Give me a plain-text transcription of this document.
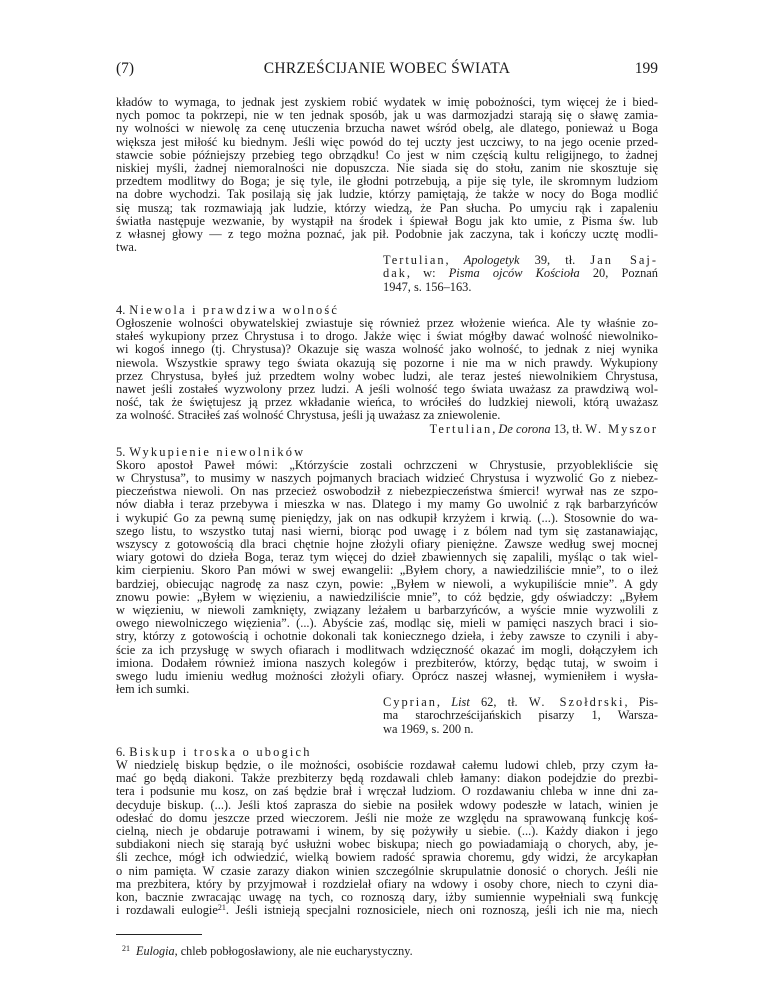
(7)	CHRZEŚCIJANIE WOBEC ŚWIATA	199
kładów to wymaga, to jednak jest zyskiem robić wydatek w imię pobożności, tym więcej że i bied-
nych pomoc ta pokrzepi, nie w ten jednak sposób, jak u was darmozjadzi starają się o sławę zamia-
ny wolności w niewolę za cenę utuczenia brzucha nawet wśród obelg, ale dlatego, ponieważ u Boga
większa jest miłość ku biednym. Jeśli więc powód do tej uczty jest uczciwy, to na jego ocenie przed-
stawcie sobie późniejszy przebieg tego obrządku! Co jest w nim częścią kultu religijnego, to żadnej
niskiej myśli, żadnej niemoralności nie dopuszcza. Nie siada się do stołu, zanim nie skosztuje się
przedtem modlitwy do Boga; je się tyle, ile głodni potrzebują, a pije się tyle, ile skromnym ludziom
na dobre wychodzi. Tak posilają się jak ludzie, którzy pamiętają, że także w nocy do Boga modlić
się muszą; tak rozmawiają jak ludzie, którzy wiedzą, że Pan słucha. Po umyciu rąk i zapaleniu
światła następuje wezwanie, by wystąpił na środek i śpiewał Bogu jak kto umie, z Pisma św. lub
z własnej głowy — z tego można poznać, jak pił. Podobnie jak zaczyna, tak i kończy ucztę modli-
twa.
Tertulian, Apologetyk 39, tł. Jan Saj-
dak, w: Pisma ojców Kościoła 20, Poznań
1947, s. 156–163.
4. Niewola i prawdziwa wolność
Ogłoszenie wolności obywatelskiej zwiastuje się również przez włożenie wieńca. Ale ty właśnie zo-
stałeś wykupiony przez Chrystusa i to drogo. Jakże więc i świat mógłby dawać wolność niewolniko-
wi kogoś innego (tj. Chrystusa)? Okazuje się wasza wolność jako wolność, to jednak z niej wynika
niewola. Wszystkie sprawy tego świata okazują się pozorne i nie ma w nich prawdy. Wykupiony
przez Chrystusa, byłeś już przedtem wolny wobec ludzi, ale teraz jesteś niewolnikiem Chrystusa,
nawet jeśli zostałeś wyzwolony przez ludzi. A jeśli wolność tego świata uważasz za prawdziwą wol-
ność, tak że świętujesz ją przez wkładanie wieńca, to wróciłeś do ludzkiej niewoli, którą uważasz
za wolność. Straciłeś zaś wolność Chrystusa, jeśli ją uważasz za zniewolenie.
Tertulian, De corona 13, tł. W. Myszor
5. Wykupienie niewolników
Skoro apostoł Paweł mówi: „Którzyście zostali ochrzczeni w Chrystusie, przyoblekliście się
w Chrystusa”, to musimy w naszych pojmanych braciach widzieć Chrystusa i wyzwolić Go z niebez-
pieczeństwa niewoli. On nas przecież oswobodził z niebezpieczeństwa śmierci! wyrwał nas ze szpo-
nów diabła i teraz przebywa i mieszka w nas. Dlatego i my mamy Go uwolnić z rąk barbarzyńców
i wykupić Go za pewną sumę pieniędzy, jak on nas odkupił krzyżem i krwią. (...). Stosownie do wa-
szego listu, to wszystko tutaj nasi wierni, biorąc pod uwagę i z bólem nad tym się zastanawiając,
wszyscy z gotowością dla braci chętnie hojne złożyli ofiary pieniężne. Zawsze według swej mocnej
wiary gotowi do dzieła Boga, teraz tym więcej do dzieł zbawiennych się zapalili, myśląc o tak wiel-
kim cierpieniu. Skoro Pan mówi w swej ewangelii: „Byłem chory, a nawiedziliście mnie”, to o ileż
bardziej, obiecując nagrodę za nasz czyn, powie: „Byłem w niewoli, a wykupiliście mnie”. A gdy
znowu powie: „Byłem w więzieniu, a nawiedziliście mnie”, to cóż będzie, gdy oświadczy: „Byłem
w więzieniu, w niewoli zamknięty, związany leżałem u barbarzyńców, a wyście mnie wyzwolili z
owego niewolniczego więzienia”. (...). Abyście zaś, modląc się, mieli w pamięci naszych braci i sio-
stry, którzy z gotowością i ochotnie dokonali tak koniecznego dzieła, i żeby zawsze to czynili i aby-
ście za ich przysługę w swych ofiarach i modlitwach wdzięczność okazać im mogli, dołączyłem ich
imiona. Dodałem również imiona naszych kolegów i prezbiterów, którzy, będąc tutaj, w swoim i
swego ludu imieniu według możności złożyli ofiary. Oprócz naszej własnej, wymieniłem i wysła-
łem ich sumki.
Cyprian, List 62, tł. W. Szołdrski, Pis-
ma starochrześcijańskich pisarzy 1, Warsza-
wa 1969, s. 200 n.
6. Biskup i troska o ubogich
W niedzielę biskup będzie, o ile możności, osobiście rozdawał całemu ludowi chleb, przy czym ła-
mać go będą diakoni. Także prezbiterzy będą rozdawali chleb łamany: diakon podejdzie do prezbi-
tera i podsunie mu kosz, on zaś będzie brał i wręczał ludziom. O rozdawaniu chleba w inne dni za-
decyduje biskup. (...). Jeśli ktoś zaprasza do siebie na posiłek wdowy podeszłe w latach, winien je
odesłać do domu jeszcze przed wieczorem. Jeśli nie może ze względu na sprawowaną funkcję koś-
cielną, niech je obdaruje potrawami i winem, by się pożywiły u siebie. (...). Każdy diakon i jego
subdiakoni niech się starają być usłużni wobec biskupa; niech go powiadamiają o chorych, aby, je-
śli zechce, mógł ich odwiedzić, wielką bowiem radość sprawia choremu, gdy widzi, że arcykapłan
o nim pamięta. W czasie zarazy diakon winien szczególnie skrupulatnie donosić o chorych. Jeśli nie
ma prezbitera, który by przyjmował i rozdzielał ofiary na wdowy i osoby chore, niech to czyni dia-
kon, bacznie zwracając uwagę na tych, co roznoszą dary, iżby sumiennie wypełniali swą funkcję
i rozdawali eulogie$^{21}$. Jeśli istnieją specjalni roznosiciele, niech oni roznoszą, jeśli ich nie ma, niech
$^{21}$ Eulogia, chleb pobłogosławiony, ale nie eucharystyczny.
